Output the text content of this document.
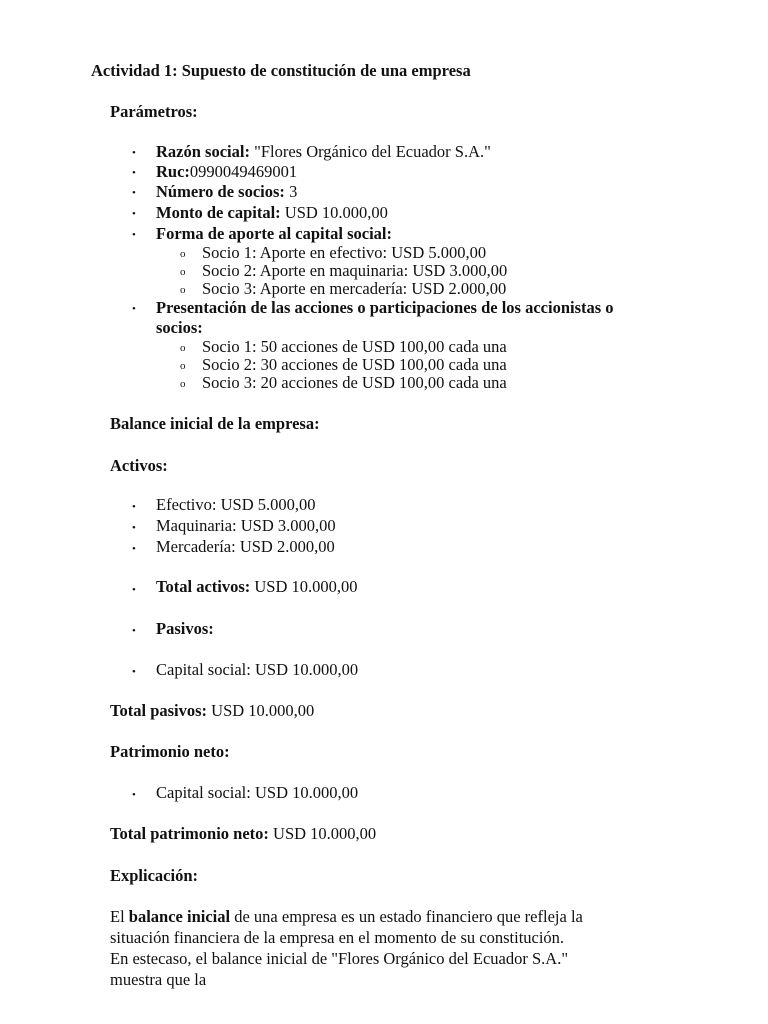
Actividad 1: Supuesto de constitución de una empresa
Parámetros:
• Razón social: "Flores Orgánico del Ecuador S.A."
• Ruc:0990049469001
• Número de socios: 3
• Monto de capital: USD 10.000,00
• Forma de aporte al capital social:
o Socio 1: Aporte en efectivo: USD 5.000,00
o Socio 2: Aporte en maquinaria: USD 3.000,00
o Socio 3: Aporte en mercadería: USD 2.000,00
• Presentación de las acciones o participaciones de los accionistas o
socios:
o Socio 1: 50 acciones de USD 100,00 cada una
o Socio 2: 30 acciones de USD 100,00 cada una
o Socio 3: 20 acciones de USD 100,00 cada una
Balance inicial de la empresa:
Activos:
• Efectivo: USD 5.000,00
• Maquinaria: USD 3.000,00
• Mercadería: USD 2.000,00
• Total activos: USD 10.000,00
• Pasivos:
• Capital social: USD 10.000,00
Total pasivos: USD 10.000,00
Patrimonio neto:
• Capital social: USD 10.000,00
Total patrimonio neto: USD 10.000,00
Explicación:
El balance inicial de una empresa es un estado financiero que refleja la
situación financiera de la empresa en el momento de su constitución.
En estecaso, el balance inicial de "Flores Orgánico del Ecuador S.A."
muestra que la
